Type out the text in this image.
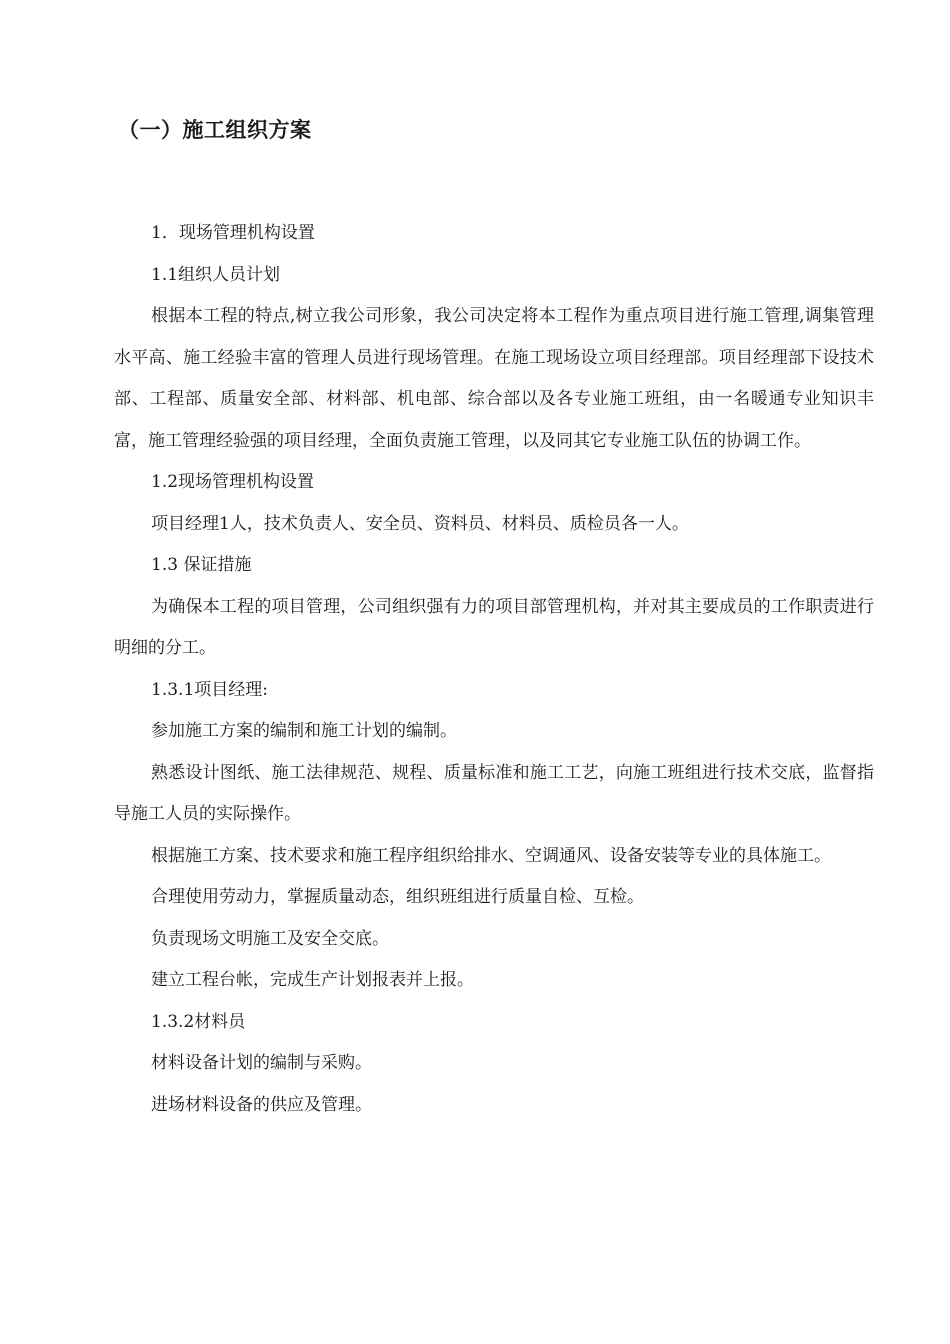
（一）施工组织方案

1．现场管理机构设置

1.1组织人员计划

根据本工程的特点,树立我公司形象，我公司决定将本工程作为重点项目进行施工管理,调集管理水平高、施工经验丰富的管理人员进行现场管理。在施工现场设立项目经理部。项目经理部下设技术部、工程部、质量安全部、材料部、机电部、综合部以及各专业施工班组，由一名暖通专业知识丰富，施工管理经验强的项目经理，全面负责施工管理，以及同其它专业施工队伍的协调工作。

1.2现场管理机构设置

项目经理1人，技术负责人、安全员、资料员、材料员、质检员各一人。

1.3 保证措施

为确保本工程的项目管理，公司组织强有力的项目部管理机构，并对其主要成员的工作职责进行明细的分工。

1.3.1项目经理:

参加施工方案的编制和施工计划的编制。

熟悉设计图纸、施工法律规范、规程、质量标准和施工工艺，向施工班组进行技术交底，监督指导施工人员的实际操作。

根据施工方案、技术要求和施工程序组织给排水、空调通风、设备安装等专业的具体施工。

合理使用劳动力，掌握质量动态，组织班组进行质量自检、互检。

负责现场文明施工及安全交底。

建立工程台帐，完成生产计划报表并上报。

1.3.2材料员

材料设备计划的编制与采购。

进场材料设备的供应及管理。
